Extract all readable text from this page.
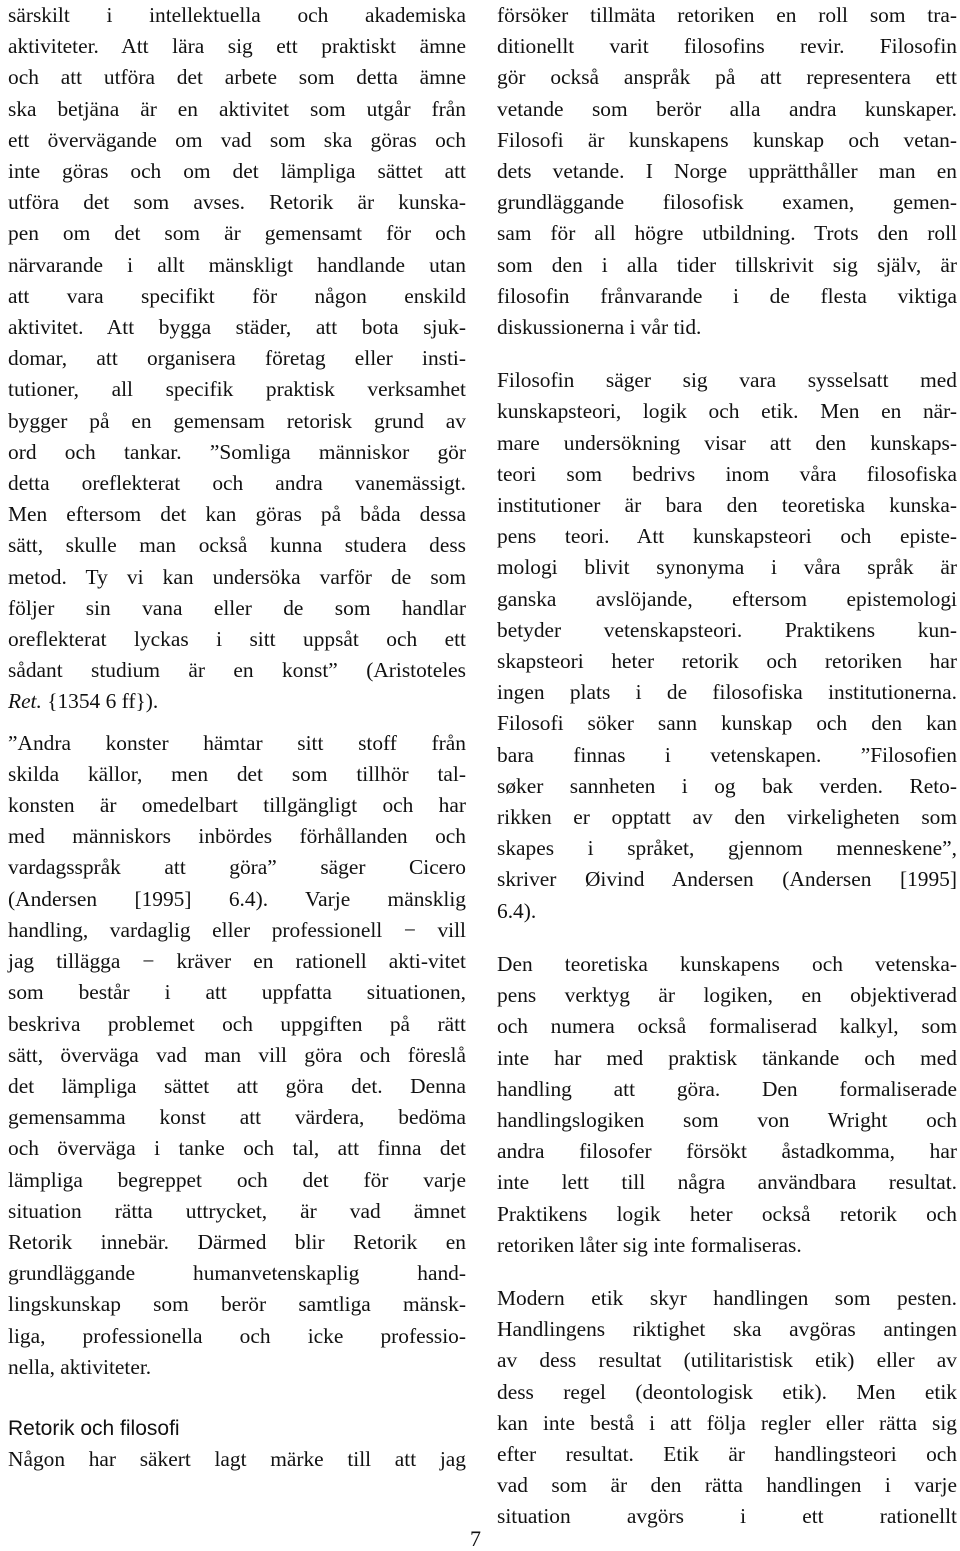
särskilt i intellektuella och akademiska
aktiviteter. Att lära sig ett praktiskt ämne
och att utföra det arbete som detta ämne
ska betjäna är en aktivitet som utgår från
ett övervägande om vad som ska göras och
inte göras och om det lämpliga sättet att
utföra det som avses. Retorik är kunska-
pen om det som är gemensamt för och
närvarande i allt mänskligt handlande utan
att vara specifikt för någon enskild
aktivitet. Att bygga städer, att bota sjuk-
domar, att organisera företag eller insti-
tutioner, all specifik praktisk verksamhet
bygger på en gemensam retorisk grund av
ord och tankar. ”Somliga människor gör
detta oreflekterat och andra vanemässigt.
Men eftersom det kan göras på båda dessa
sätt, skulle man också kunna studera dess
metod. Ty vi kan undersöka varför de som
följer sin vana eller de som handlar
oreflekterat lyckas i sitt uppsåt och ett
sådant studium är en konst” (Aristoteles
Ret. {1354 6 ff}).
”Andra konster hämtar sitt stoff från
skilda källor, men det som tillhör tal-
konsten är omedelbart tillgängligt och har
med människors inbördes förhållanden och
vardagsspråk att göra” säger Cicero
(Andersen [1995] 6.4). Varje mänsklig
handling, vardaglig eller professionell − vill
jag tillägga − kräver en rationell akti-vitet
som består i att uppfatta situationen,
beskriva problemet och uppgiften på rätt
sätt, överväga vad man vill göra och föreslå
det lämpliga sättet att göra det. Denna
gemensamma konst att värdera, bedöma
och överväga i tanke och tal, att finna det
lämpliga begreppet och det för varje
situation rätta uttrycket, är vad ämnet
Retorik innebär. Därmed blir Retorik en
grundläggande humanvetenskaplig hand-
lingskunskap som berör samtliga mänsk-
liga, professionella och icke professio-
nella, aktiviteter.
Retorik och filosofi
Någon har säkert lagt märke till att jag
försöker tillmäta retoriken en roll som tra-
ditionellt varit filosofins revir. Filosofin
gör också anspråk på att representera ett
vetande som berör alla andra kunskaper.
Filosofi är kunskapens kunskap och vetan-
dets vetande. I Norge upprätthåller man en
grundläggande filosofisk examen, gemen-
sam för all högre utbildning. Trots den roll
som den i alla tider tillskrivit sig själv, är
filosofin frånvarande i de flesta viktiga
diskussionerna i vår tid.
Filosofin säger sig vara sysselsatt med
kunskapsteori, logik och etik. Men en när-
mare undersökning visar att den kunskaps-
teori som bedrivs inom våra filosofiska
institutioner är bara den teoretiska kunska-
pens teori. Att kunskapsteori och episte-
mologi blivit synonyma i våra språk är
ganska avslöjande, eftersom epistemologi
betyder vetenskapsteori. Praktikens kun-
skapsteori heter retorik och retoriken har
ingen plats i de filosofiska institutionerna.
Filosofi söker sann kunskap och den kan
bara finnas i vetenskapen. ”Filosofien
søker sannheten i og bak verden. Reto-
rikken er opptatt av den virkeligheten som
skapes i språket, gjennom menneskene”,
skriver Øivind Andersen (Andersen [1995]
6.4).
Den teoretiska kunskapens och vetenska-
pens verktyg är logiken, en objektiverad
och numera också formaliserad kalkyl, som
inte har med praktisk tänkande och med
handling att göra. Den formaliserade
handlingslogiken som von Wright och
andra filosofer försökt åstadkomma, har
inte lett till några användbara resultat.
Praktikens logik heter också retorik och
retoriken låter sig inte formaliseras.
Modern etik skyr handlingen som pesten.
Handlingens riktighet ska avgöras antingen
av dess resultat (utilitaristisk etik) eller av
dess regel (deontologisk etik). Men etik
kan inte bestå i att följa regler eller rätta sig
efter resultat. Etik är handlingsteori och
vad som är den rätta handlingen i varje
situation avgörs i ett rationellt
7
